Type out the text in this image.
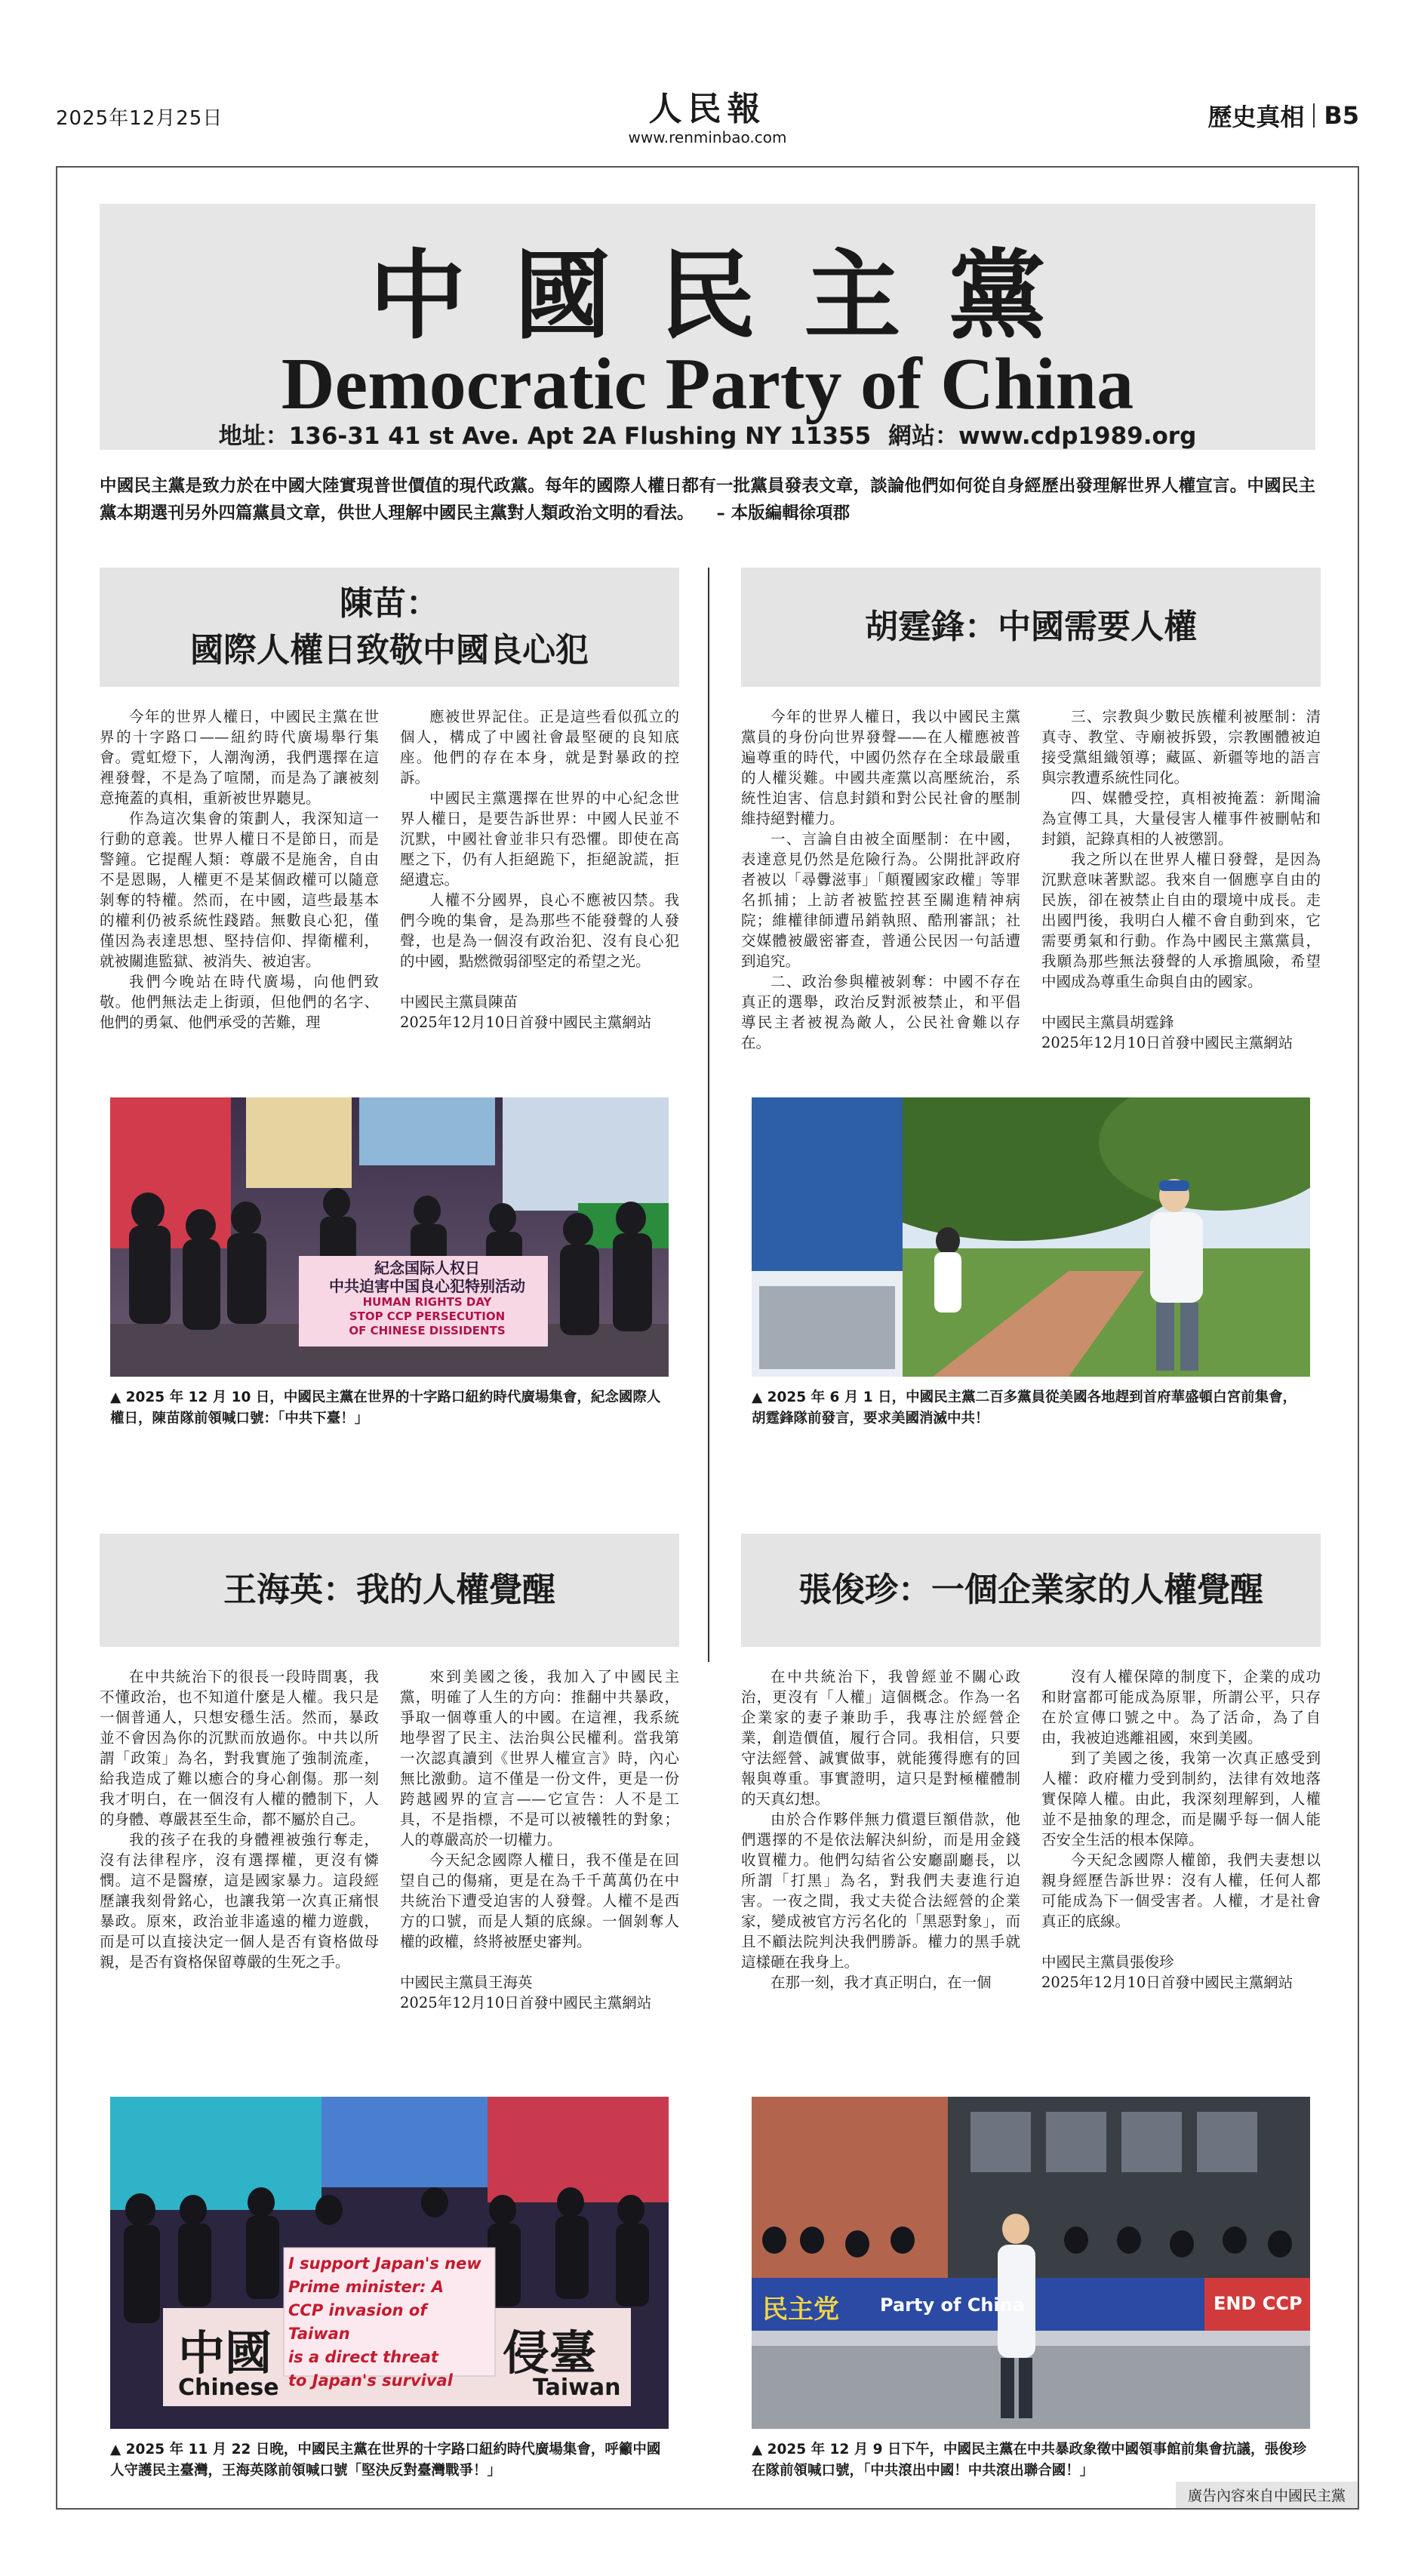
2025年12月25日	人民報
www.renminbao.com
歷史真相 B5
中國民主黨
Democratic Party of China
地址：136-31 41 st Ave. Apt 2A Flushing NY 11355 網站：www.cdp1989.org
中國民主黨是致力於在中國大陸實現普世價值的現代政黨。每年的國際人權日都有一批黨員發表文章，談論他們如何從自身經歷出發理解世界人權宣言。中國民主黨本期選刊另外四篇黨員文章，供世人理解中國民主黨對人類政治文明的看法。 – 本版編輯徐項郡
陳苗：
國際人權日致敬中國良心犯

今年的世界人權日，中國民主黨在世界的十字路口——紐約時代廣場舉行集會。霓虹燈下，人潮洶湧，我們選擇在這裡發聲，不是為了喧鬧，而是為了讓被刻意掩蓋的真相，重新被世界聽見。

作為這次集會的策劃人，我深知這一行動的意義。世界人權日不是節日，而是警鐘。它提醒人類：尊嚴不是施舍，自由不是恩賜，人權更不是某個政權可以隨意剝奪的特權。然而，在中國，這些最基本的權利仍被系統性踐踏。無數良心犯，僅僅因為表達思想、堅持信仰、捍衛權利，就被關進監獄、被消失、被迫害。

我們今晚站在時代廣場，向他們致敬。他們無法走上街頭，但他們的名字、他們的勇氣、他們承受的苦難，理

應被世界記住。正是這些看似孤立的個人，構成了中國社會最堅硬的良知底座。他們的存在本身，就是對暴政的控訴。

中國民主黨選擇在世界的中心紀念世界人權日，是要告訴世界：中國人民並不沉默，中國社會並非只有恐懼。即使在高壓之下，仍有人拒絕跪下，拒絕說謊，拒絕遺忘。

人權不分國界，良心不應被囚禁。我們今晚的集會，是為那些不能發聲的人發聲，也是為一個沒有政治犯、沒有良心犯的中國，點燃微弱卻堅定的希望之光。

中國民主黨員陳苗
2025年12月10日首發中國民主黨網站
紀念国际人权日
中共迫害中国良心犯特别活动
HUMAN RIGHTS DAY
STOP CCP PERSECUTION
OF CHINESE DISSIDENTS
▲ 2025 年 12 月 10 日，中國民主黨在世界的十字路口紐約時代廣場集會，紀念國際人權日，陳苗隊前領喊口號：「中共下臺！」
胡霆鋒：中國需要人權

今年的世界人權日，我以中國民主黨黨員的身份向世界發聲——在人權應被普遍尊重的時代，中國仍然存在全球最嚴重的人權災難。中國共產黨以高壓統治，系統性迫害、信息封鎖和對公民社會的壓制維持絕對權力。

一、言論自由被全面壓制：在中國，表達意見仍然是危險行為。公開批評政府者被以「尋釁滋事」「顛覆國家政權」等罪名抓捕；上訪者被監控甚至關進精神病院；維權律師遭吊銷執照、酷刑審訊；社交媒體被嚴密審查，普通公民因一句話遭到追究。

二、政治參與權被剝奪：中國不存在真正的選舉，政治反對派被禁止，和平倡導民主者被視為敵人，公民社會難以存在。

三、宗教與少數民族權利被壓制：清真寺、教堂、寺廟被拆毀，宗教團體被迫接受黨組織領導；藏區、新疆等地的語言與宗教遭系統性同化。

四、媒體受控，真相被掩蓋：新聞淪為宣傳工具，大量侵害人權事件被刪帖和封鎖，記錄真相的人被懲罰。

我之所以在世界人權日發聲，是因為沉默意味著默認。我來自一個應享自由的民族，卻在被禁止自由的環境中成長。走出國門後，我明白人權不會自動到來，它需要勇氣和行動。作為中國民主黨黨員，我願為那些無法發聲的人承擔風險，希望中國成為尊重生命與自由的國家。

中國民主黨員胡霆鋒
2025年12月10日首發中國民主黨網站
▲ 2025 年 6 月 1 日，中國民主黨二百多黨員從美國各地趕到首府華盛頓白宮前集會，胡霆鋒隊前發言，要求美國消滅中共！
王海英：我的人權覺醒

在中共統治下的很長一段時間裏，我不懂政治，也不知道什麼是人權。我只是一個普通人，只想安穩生活。然而，暴政並不會因為你的沉默而放過你。中共以所謂「政策」為名，對我實施了強制流產，給我造成了難以癒合的身心創傷。那一刻我才明白，在一個沒有人權的體制下，人的身體、尊嚴甚至生命，都不屬於自己。

我的孩子在我的身體裡被強行奪走，沒有法律程序，沒有選擇權，更沒有憐憫。這不是醫療，這是國家暴力。這段經歷讓我刻骨銘心，也讓我第一次真正痛恨暴政。原來，政治並非遙遠的權力遊戲，而是可以直接決定一個人是否有資格做母親，是否有資格保留尊嚴的生死之手。

來到美國之後，我加入了中國民主黨，明確了人生的方向：推翻中共暴政，爭取一個尊重人的中國。在這裡，我系統地學習了民主、法治與公民權利。當我第一次認真讀到《世界人權宣言》時，內心無比激動。這不僅是一份文件，更是一份跨越國界的宣言——它宣告：人不是工具，不是指標，不是可以被犧牲的對象；人的尊嚴高於一切權力。

今天紀念國際人權日，我不僅是在回望自己的傷痛，更是在為千千萬萬仍在中共統治下遭受迫害的人發聲。人權不是西方的口號，而是人類的底線。一個剝奪人權的政權，終將被歷史審判。

中國民主黨員王海英
2025年12月10日首發中國民主黨網站
I support Japan's new
Prime minister: A
CCP invasion of Taiwan
is a direct threat
to Japan's survival
中國	侵臺
Chinese	Taiwan
▲ 2025 年 11 月 22 日晚，中國民主黨在世界的十字路口紐約時代廣場集會，呼籲中國人守護民主臺灣，王海英隊前領喊口號「堅決反對臺灣戰爭！」
張俊珍：一個企業家的人權覺醒

在中共統治下，我曾經並不關心政治，更沒有「人權」這個概念。作為一名企業家的妻子兼助手，我專注於經營企業，創造價值，履行合同。我相信，只要守法經營、誠實做事，就能獲得應有的回報與尊重。事實證明，這只是對極權體制的天真幻想。

由於合作夥伴無力償還巨額借款，他們選擇的不是依法解決糾紛，而是用金錢收買權力。他們勾結省公安廳副廳長，以所謂「打黑」為名，對我們夫妻進行迫害。一夜之間，我丈夫從合法經營的企業家，變成被官方污名化的「黑惡對象」，而且不顧法院判決我們勝訴。權力的黑手就這樣砸在我身上。

在那一刻，我才真正明白，在一個

沒有人權保障的制度下，企業的成功和財富都可能成為原罪，所謂公平，只存在於宣傳口號之中。為了活命，為了自由，我被迫逃離祖國，來到美國。

到了美國之後，我第一次真正感受到人權：政府權力受到制約，法律有效地落實保障人權。由此，我深刻理解到，人權並不是抽象的理念，而是關乎每一個人能否安全生活的根本保障。

今天紀念國際人權節，我們夫妻想以親身經歷告訴世界：沒有人權，任何人都可能成為下一個受害者。人權，才是社會真正的底線。

中國民主黨員張俊珍
2025年12月10日首發中國民主黨網站
民主党 Party of China	END CCP
▲ 2025 年 12 月 9 日下午，中國民主黨在中共暴政象徵中國領事館前集會抗議，張俊珍在隊前領喊口號，「中共滾出中國！中共滾出聯合國！」
廣告內容來自中國民主黨
